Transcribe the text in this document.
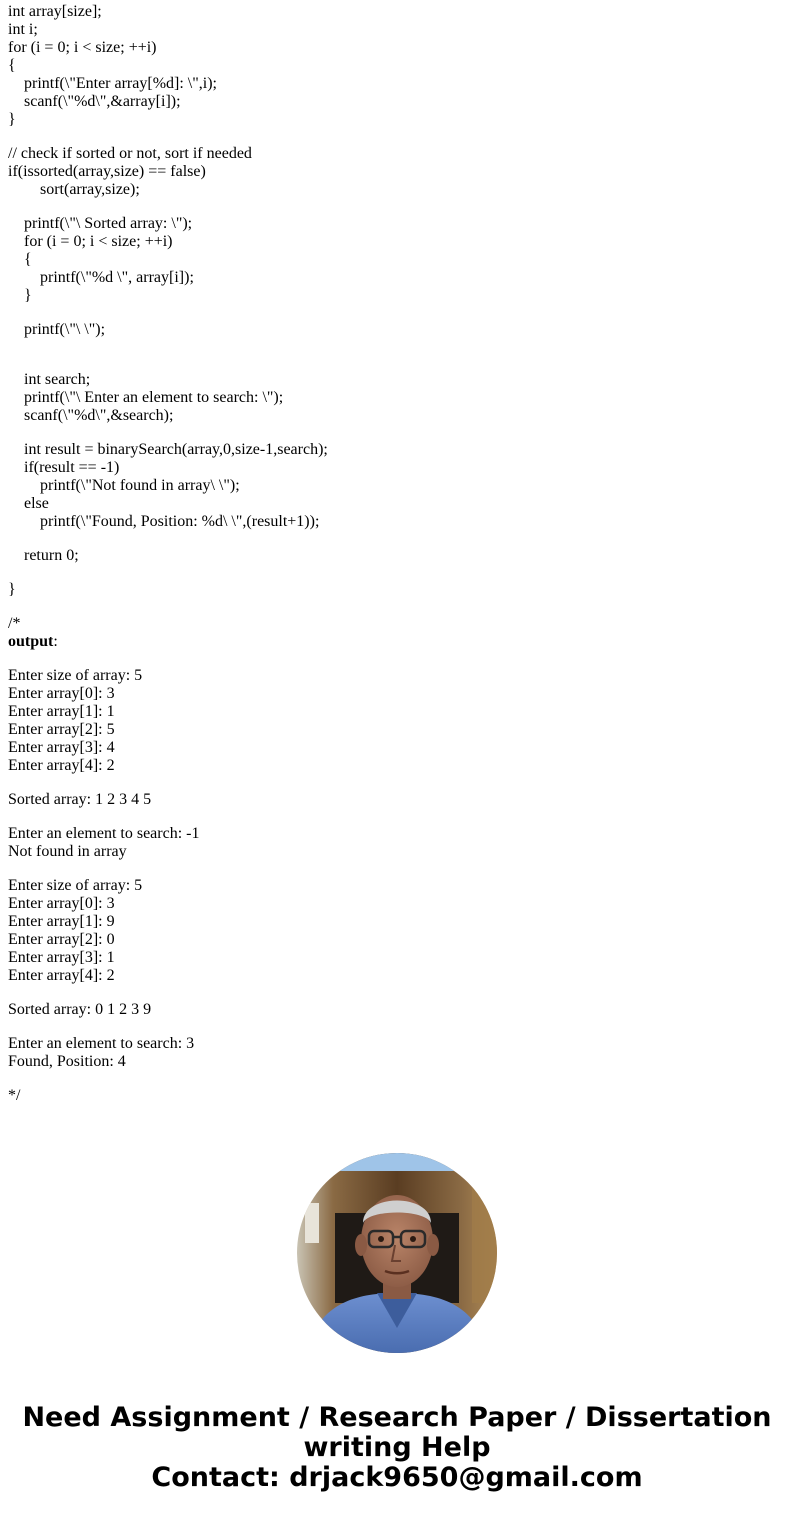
int array[size];
int i;
for (i = 0; i < size; ++i)
{
printf(\"Enter array[%d]: \",i);
scanf(\"%d\",&array[i]);
}
// check if sorted or not, sort if needed
if(issorted(array,size) == false)
sort(array,size);
printf(\"\ Sorted array: \");
for (i = 0; i < size; ++i)
{
printf(\"%d \", array[i]);
}
printf(\"\ \");
int search;
printf(\"\ Enter an element to search: \");
scanf(\"%d\",&search);
int result = binarySearch(array,0,size-1,search);
if(result == -1)
printf(\"Not found in array\ \");
else
printf(\"Found, Position: %d\ \",(result+1));
return 0;
}
/*
output:
Enter size of array: 5
Enter array[0]: 3
Enter array[1]: 1
Enter array[2]: 5
Enter array[3]: 4
Enter array[4]: 2
Sorted array: 1 2 3 4 5
Enter an element to search: -1
Not found in array
Enter size of array: 5
Enter array[0]: 3
Enter array[1]: 9
Enter array[2]: 0
Enter array[3]: 1
Enter array[4]: 2
Sorted array: 0 1 2 3 9
Enter an element to search: 3
Found, Position: 4
*/
Need Assignment / Research Paper / Dissertation
writing Help
Contact: drjack9650@gmail.com
